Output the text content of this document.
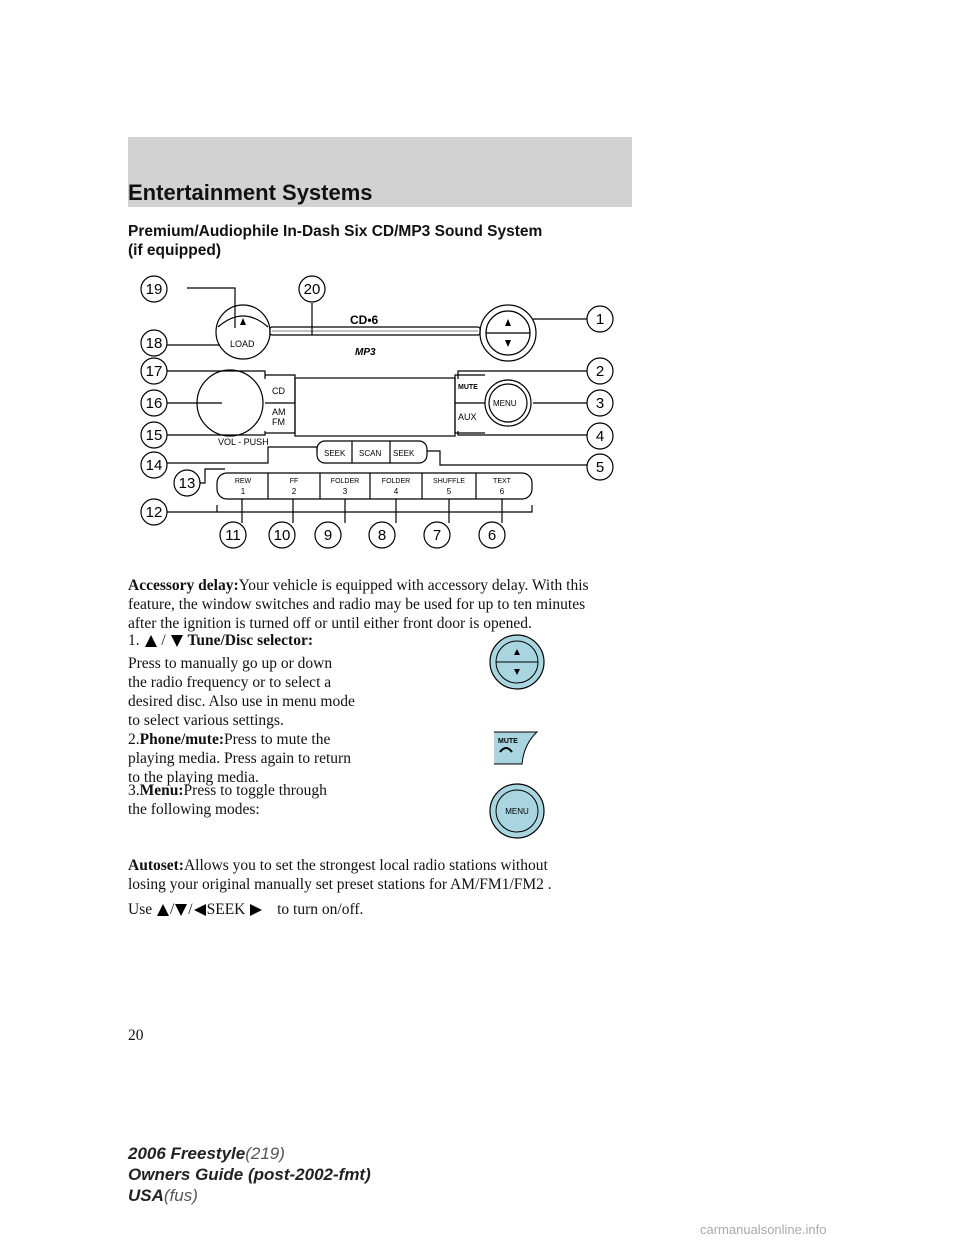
Entertainment Systems
Premium/Audiophile In-Dash Six CD/MP3 Sound System
(if equipped)
LOAD
CD•6
MP3
CD
AM
FM
VOL - PUSH
MUTE
MENU
AUX
SEEK SCAN SEEK
REW
1
FF
2
FOLDER
3
FOLDER
4
SHUFFLE
5
TEXT
6
1
2
3
4
5
6
7
8
9
10
11
12
13
14
15
16
17
18
19	20
Accessory delay:Your vehicle is equipped with accessory delay. With this
feature, the window switches and radio may be used for up to ten minutes
after the ignition is turned off or until either front door is opened.
1. / Tune/Disc selector:
Press to manually go up or down
the radio frequency or to select a
desired disc. Also use in menu mode
to select various settings.
2.Phone/mute:Press to mute the
playing media. Press again to return
to the playing media.
MUTE
3.Menu:Press to toggle through
the following modes:	MENU
Autoset:Allows you to set the strongest local radio stations without
losing your original manually set preset stations for AM/FM1/FM2 .
Use / / SEEK to turn on/off.
20
2006 Freestyle(219)
Owners Guide (post-2002-fmt)
USA(fus)
carmanualsonline.info
